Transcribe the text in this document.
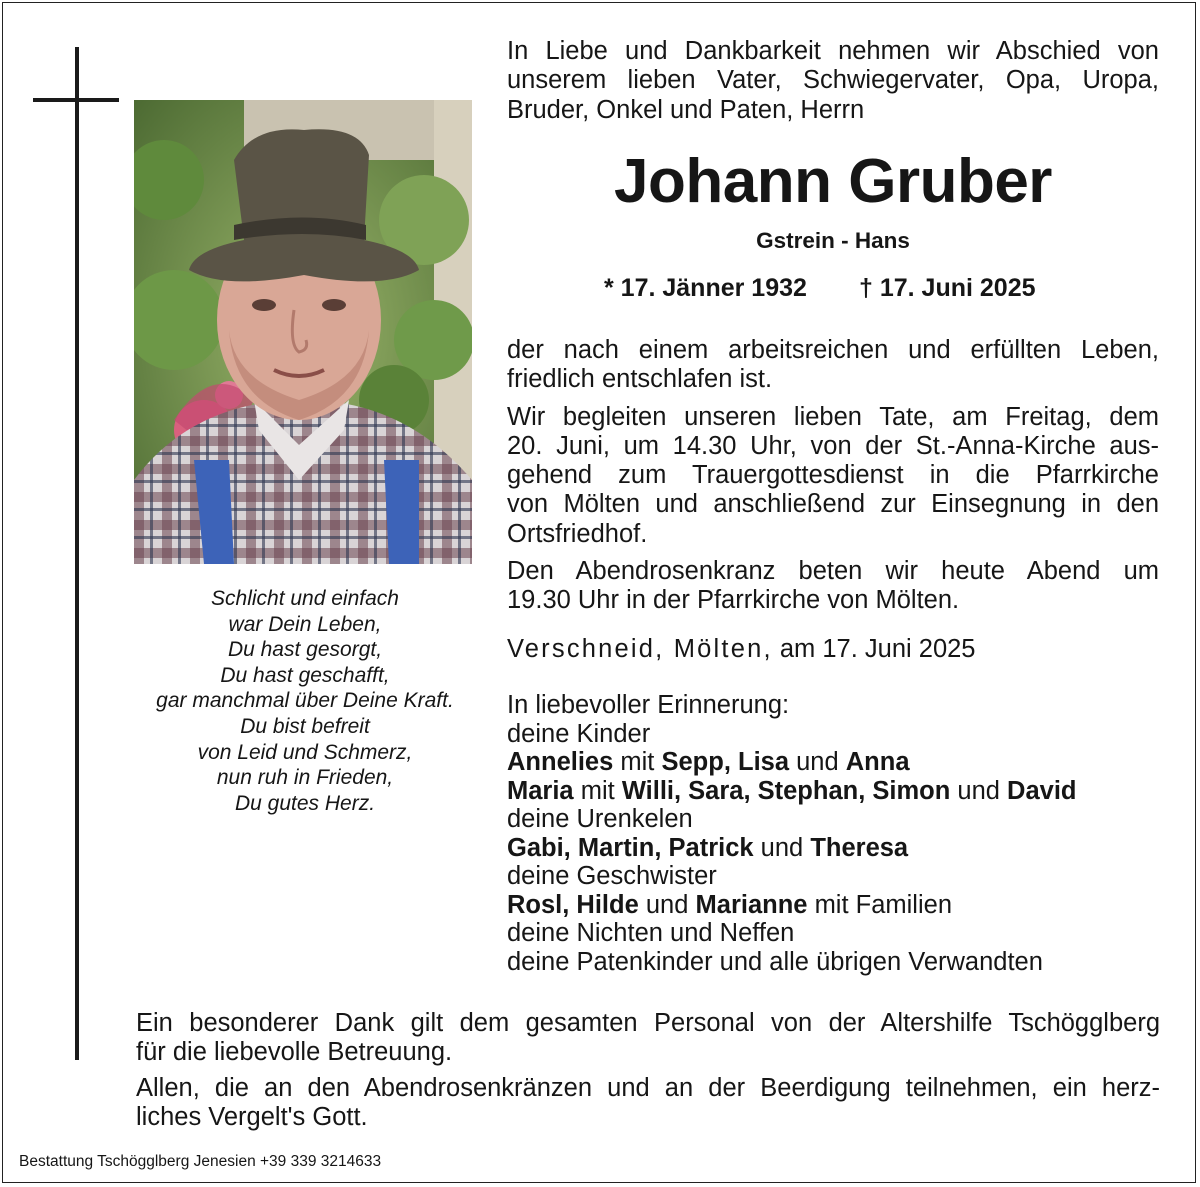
Schlicht und einfach
war Dein Leben,
Du hast gesorgt,
Du hast geschafft,
gar manchmal über Deine Kraft.
Du bist befreit
von Leid und Schmerz,
nun ruh in Frieden,
Du gutes Herz.
In Liebe und Dankbarkeit nehmen wir Abschied von
unserem lieben Vater, Schwiegervater, Opa, Uropa,
Bruder, Onkel und Paten, Herrn
Johann Gruber
Gstrein - Hans
* 17. Jänner 1932 † 17. Juni 2025
der nach einem arbeitsreichen und erfüllten Leben,
friedlich entschlafen ist.
Wir begleiten unseren lieben Tate, am Freitag, dem
20. Juni, um 14.30 Uhr, von der St.-Anna-Kirche aus-
gehend zum Trauergottesdienst in die Pfarrkirche
von Mölten und anschließend zur Einsegnung in den
Ortsfriedhof.
Den Abendrosenkranz beten wir heute Abend um
19.30 Uhr in der Pfarrkirche von Mölten.
Verschneid, Mölten, am 17. Juni 2025
In liebevoller Erinnerung:
deine Kinder
Annelies mit Sepp, Lisa und Anna
Maria mit Willi, Sara, Stephan, Simon und David
deine Urenkelen
Gabi, Martin, Patrick und Theresa
deine Geschwister
Rosl, Hilde und Marianne mit Familien
deine Nichten und Neffen
deine Patenkinder und alle übrigen Verwandten
Ein besonderer Dank gilt dem gesamten Personal von der Altershilfe Tschögglberg
für die liebevolle Betreuung.
Allen, die an den Abendrosenkränzen und an der Beerdigung teilnehmen, ein herz-
liches Vergelt's Gott.
Bestattung Tschögglberg Jenesien +39 339 3214633
